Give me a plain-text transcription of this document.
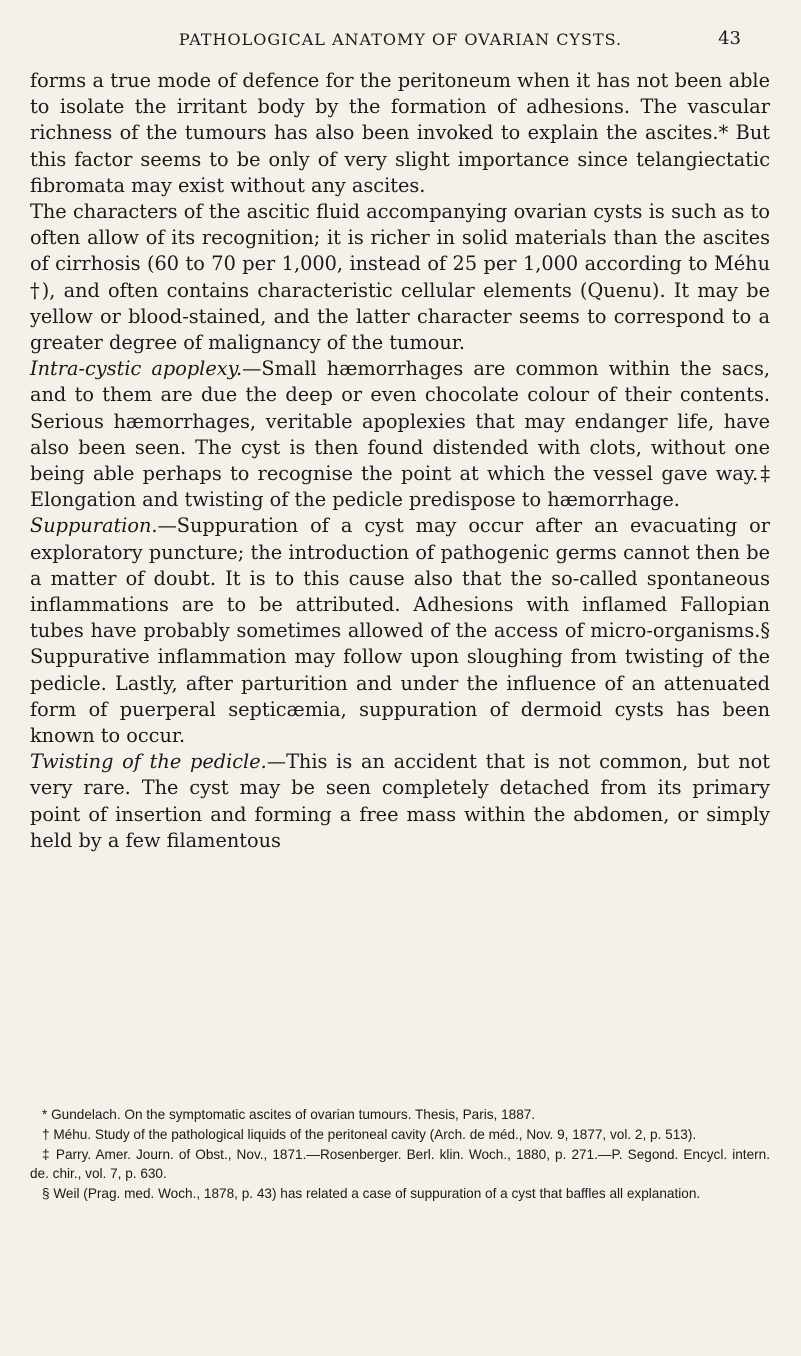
PATHOLOGICAL ANATOMY OF OVARIAN CYSTS.	43

forms a true mode of defence for the peritoneum when it has not been able to isolate the irritant body by the formation of adhesions. The vascular richness of the tumours has also been invoked to explain the ascites.* But this factor seems to be only of very slight importance since telangiectatic fibromata may exist without any ascites.

The characters of the ascitic fluid accompanying ovarian cysts is such as to often allow of its recognition; it is richer in solid materials than the ascites of cirrhosis (60 to 70 per 1,000, instead of 25 per 1,000 according to Méhu †), and often contains characteristic cellular elements (Quenu). It may be yellow or blood-stained, and the latter character seems to correspond to a greater degree of malignancy of the tumour.

Intra-cystic apoplexy.—Small hæmorrhages are common within the sacs, and to them are due the deep or even chocolate colour of their contents. Serious hæmorrhages, veritable apoplexies that may endanger life, have also been seen. The cyst is then found distended with clots, without one being able perhaps to recognise the point at which the vessel gave way.‡ Elongation and twisting of the pedicle predispose to hæmorrhage.

Suppuration.—Suppuration of a cyst may occur after an evacuating or exploratory puncture; the introduction of pathogenic germs cannot then be a matter of doubt. It is to this cause also that the so-called spontaneous inflammations are to be attributed. Adhesions with inflamed Fallopian tubes have probably sometimes allowed of the access of micro-organisms.§ Suppurative inflammation may follow upon sloughing from twisting of the pedicle. Lastly, after parturition and under the influence of an attenuated form of puerperal septicæmia, suppuration of dermoid cysts has been known to occur.

Twisting of the pedicle.—This is an accident that is not common, but not very rare. The cyst may be seen completely detached from its primary point of insertion and forming a free mass within the abdomen, or simply held by a few filamentous

* Gundelach. On the symptomatic ascites of ovarian tumours. Thesis, Paris, 1887.

† Méhu. Study of the pathological liquids of the peritoneal cavity (Arch. de méd., Nov. 9, 1877, vol. 2, p. 513).

‡ Parry. Amer. Journ. of Obst., Nov., 1871.—Rosenberger. Berl. klin. Woch., 1880, p. 271.—P. Segond. Encycl. intern. de. chir., vol. 7, p. 630.

§ Weil (Prag. med. Woch., 1878, p. 43) has related a case of suppuration of a cyst that baffles all explanation.
